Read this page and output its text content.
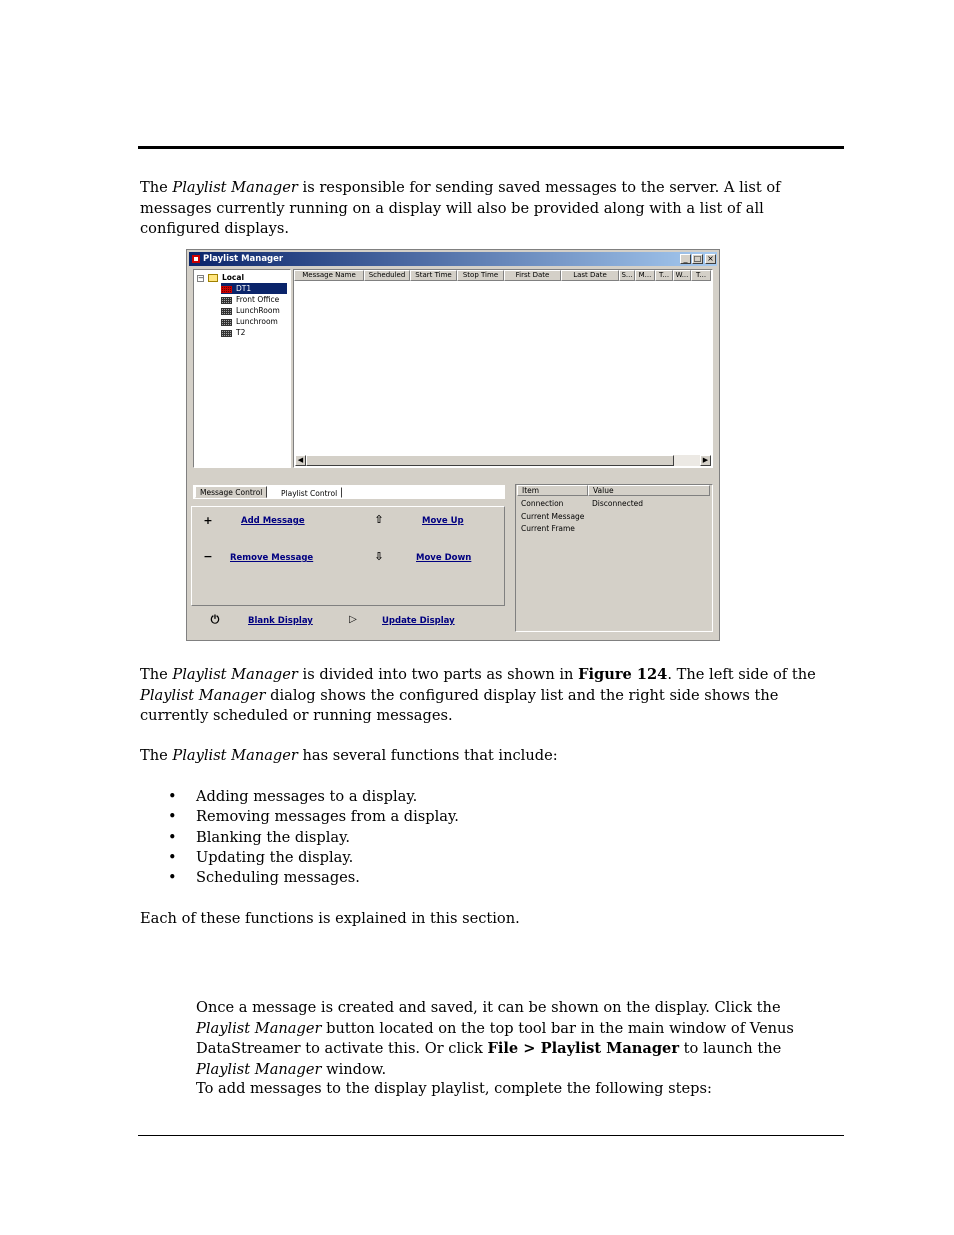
The Playlist Manager is responsible for sending saved messages to the server. A list of messages currently running on a display will also be provided along with a list of all configured displays.

Playlist Manager	_ □ ×
− Local
DT1
Front Office
LunchRoom
Lunchroom
T2
Message Name	Scheduled	Start Time	Stop Time	First Date	Last Date	S... M...	T... W...	T...
◀	▶
Message Control	Playlist Control
+	Add Message	⇧	Move Up
− Remove Message	⇩	Move Down
⏻	Blank Display	▷	Update Display
Item	Value
Connection	Disconnected
Current Message
Current Frame

The Playlist Manager is divided into two parts as shown in Figure 124. The left side of the Playlist Manager dialog shows the configured display list and the right side shows the currently scheduled or running messages.

The Playlist Manager has several functions that include:

• Adding messages to a display.
• Removing messages from a display.
• Blanking the display.
• Updating the display.
• Scheduling messages.

Each of these functions is explained in this section.

Once a message is created and saved, it can be shown on the display. Click the Playlist Manager button located on the top tool bar in the main window of Venus DataStreamer to activate this. Or click File > Playlist Manager to launch the Playlist Manager window.

To add messages to the display playlist, complete the following steps:
